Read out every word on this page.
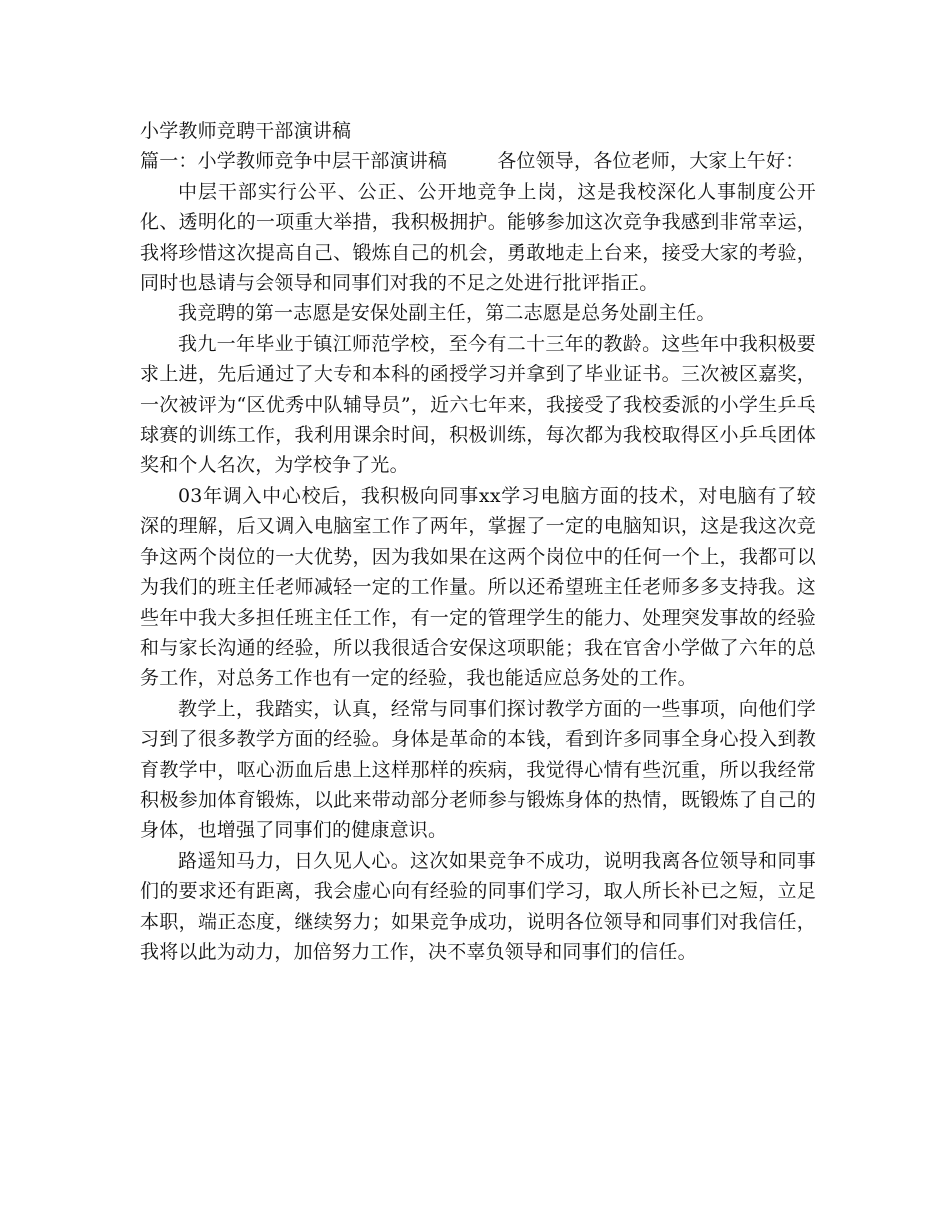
小学教师竞聘干部演讲稿

篇一：小学教师竞争中层干部演讲稿	各位领导，各位老师，大家上午好：

中层干部实行公平、公正、公开地竞争上岗，这是我校深化人事制度公开化、透明化的一项重大举措，我积极拥护。能够参加这次竞争我感到非常幸运，我将珍惜这次提高自己、锻炼自己的机会，勇敢地走上台来，接受大家的考验，同时也恳请与会领导和同事们对我的不足之处进行批评指正。

我竞聘的第一志愿是安保处副主任，第二志愿是总务处副主任。

我九一年毕业于镇江师范学校，至今有二十三年的教龄。这些年中我积极要求上进，先后通过了大专和本科的函授学习并拿到了毕业证书。三次被区嘉奖，一次被评为“区优秀中队辅导员”，近六七年来，我接受了我校委派的小学生乒乓球赛的训练工作，我利用课余时间，积极训练，每次都为我校取得区小乒乓团体奖和个人名次，为学校争了光。

03年调入中心校后，我积极向同事xx学习电脑方面的技术，对电脑有了较深的理解，后又调入电脑室工作了两年，掌握了一定的电脑知识，这是我这次竞争这两个岗位的一大优势，因为我如果在这两个岗位中的任何一个上，我都可以为我们的班主任老师减轻一定的工作量。所以还希望班主任老师多多支持我。这些年中我大多担任班主任工作，有一定的管理学生的能力、处理突发事故的经验和与家长沟通的经验，所以我很适合安保这项职能；我在官舍小学做了六年的总务工作，对总务工作也有一定的经验，我也能适应总务处的工作。

教学上，我踏实，认真，经常与同事们探讨教学方面的一些事项，向他们学习到了很多教学方面的经验。身体是革命的本钱，看到许多同事全身心投入到教育教学中，呕心沥血后患上这样那样的疾病，我觉得心情有些沉重，所以我经常积极参加体育锻炼，以此来带动部分老师参与锻炼身体的热情，既锻炼了自己的身体，也增强了同事们的健康意识。

路遥知马力，日久见人心。这次如果竞争不成功，说明我离各位领导和同事们的要求还有距离，我会虚心向有经验的同事们学习，取人所长补已之短，立足本职，端正态度，继续努力；如果竞争成功，说明各位领导和同事们对我信任，我将以此为动力，加倍努力工作，决不辜负领导和同事们的信任。
